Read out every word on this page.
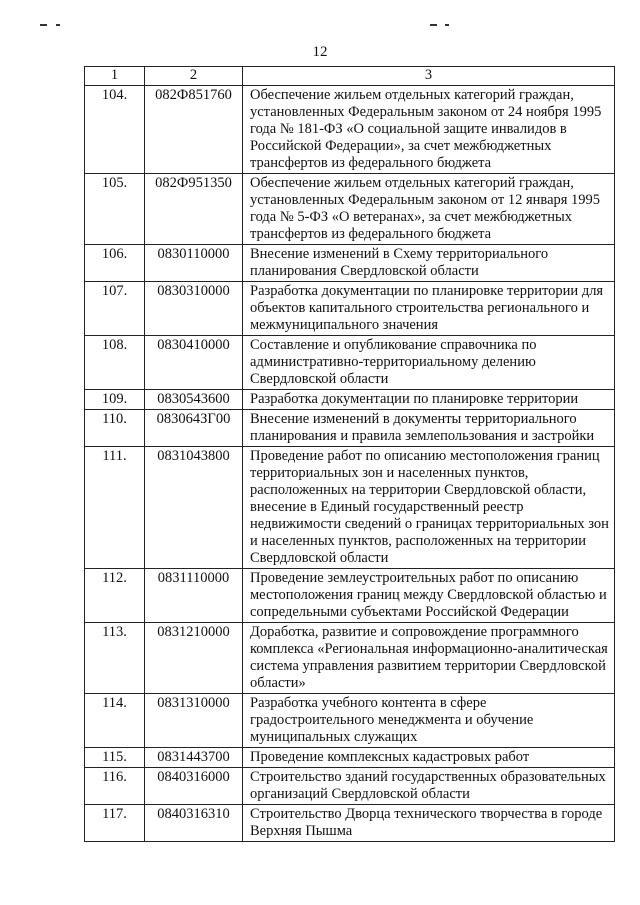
12
1	2	3
104.	082Ф851760	Обеспечение жильем отдельных категорий граждан, установленных Федеральным законом от 24 ноября 1995 года № 181-ФЗ «О социальной защите инвалидов в Российской Федерации», за счет межбюджетных трансфертов из федерального бюджета
105.	082Ф951350	Обеспечение жильем отдельных категорий граждан, установленных Федеральным законом от 12 января 1995 года № 5-ФЗ «О ветеранах», за счет межбюджетных трансфертов из федерального бюджета
106.	0830110000	Внесение изменений в Схему территориального планирования Свердловской области
107.	0830310000	Разработка документации по планировке территории для объектов капитального строительства регионального и межмуниципального значения
108.	0830410000	Составление и опубликование справочника по административно-территориальному делению Свердловской области
109.	0830543600	Разработка документации по планировке территории
110.	083064ЗГ00	Внесение изменений в документы территориального планирования и правила землепользования и застройки
111.	0831043800	Проведение работ по описанию местоположения границ территориальных зон и населенных пунктов, расположенных на территории Свердловской области, внесение в Единый государственный реестр недвижимости сведений о границах территориальных зон и населенных пунктов, расположенных на территории Свердловской области
112.	0831110000	Проведение землеустроительных работ по описанию местоположения границ между Свердловской областью и сопредельными субъектами Российской Федерации
113.	0831210000	Доработка, развитие и сопровождение программного комплекса «Региональная информационно-аналитическая система управления развитием территории Свердловской области»
114.	0831310000	Разработка учебного контента в сфере градостроительного менеджмента и обучение муниципальных служащих
115.	0831443700	Проведение комплексных кадастровых работ
116.	0840316000	Строительство зданий государственных образовательных организаций Свердловской области
117.	0840316310	Строительство Дворца технического творчества в городе Верхняя Пышма
